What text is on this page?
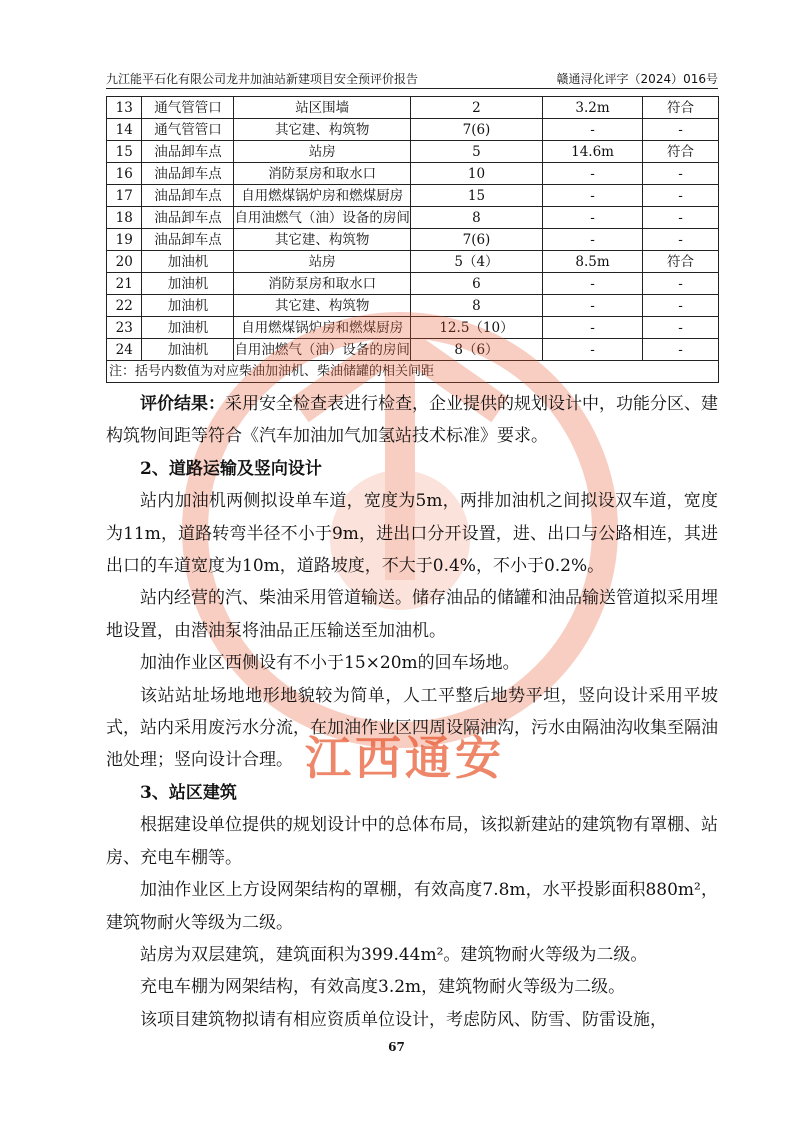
九江能平石化有限公司龙井加油站新建项目安全预评价报告	赣通浔化评字（2024）016号
13	通气管管口	站区围墙	2	3.2m	符合
14	通气管管口	其它建、构筑物	7(6)	-	-
15	油品卸车点	站房	5	14.6m	符合
16	油品卸车点	消防泵房和取水口	10	-	-
17	油品卸车点	自用燃煤锅炉房和燃煤厨房	15	-	-
18	油品卸车点	自用油燃气（油）设备的房间	8	-	-
19	油品卸车点	其它建、构筑物	7(6)	-	-
20	加油机	站房	5（4）	8.5m	符合
21	加油机	消防泵房和取水口	6	-	-
22	加油机	其它建、构筑物	8	-	-
23	加油机	自用燃煤锅炉房和燃煤厨房	12.5（10）	-	-
24	加油机	自用油燃气（油）设备的房间	8（6）	-	-
注：括号内数值为对应柴油加油机、柴油储罐的相关间距					
江西通安

评价结果：采用安全检查表进行检查，企业提供的规划设计中，功能分区、建构筑物间距等符合《汽车加油加气加氢站技术标准》要求。

2、道路运输及竖向设计

站内加油机两侧拟设单车道，宽度为5m，两排加油机之间拟设双车道，宽度为11m，道路转弯半径不小于9m，进出口分开设置，进、出口与公路相连，其进出口的车道宽度为10m，道路坡度，不大于0.4%，不小于0.2%。

站内经营的汽、柴油采用管道输送。储存油品的储罐和油品输送管道拟采用埋地设置，由潜油泵将油品正压输送至加油机。

加油作业区西侧设有不小于15×20m的回车场地。

该站站址场地地形地貌较为简单，人工平整后地势平坦，竖向设计采用平坡式，站内采用废污水分流，在加油作业区四周设隔油沟，污水由隔油沟收集至隔油池处理；竖向设计合理。

3、站区建筑

根据建设单位提供的规划设计中的总体布局，该拟新建站的建筑物有罩棚、站房、充电车棚等。

加油作业区上方设网架结构的罩棚，有效高度7.8m，水平投影面积880m²，建筑物耐火等级为二级。

站房为双层建筑，建筑面积为399.44m²。建筑物耐火等级为二级。

充电车棚为网架结构，有效高度3.2m，建筑物耐火等级为二级。

该项目建筑物拟请有相应资质单位设计，考虑防风、防雪、防雷设施，

67
